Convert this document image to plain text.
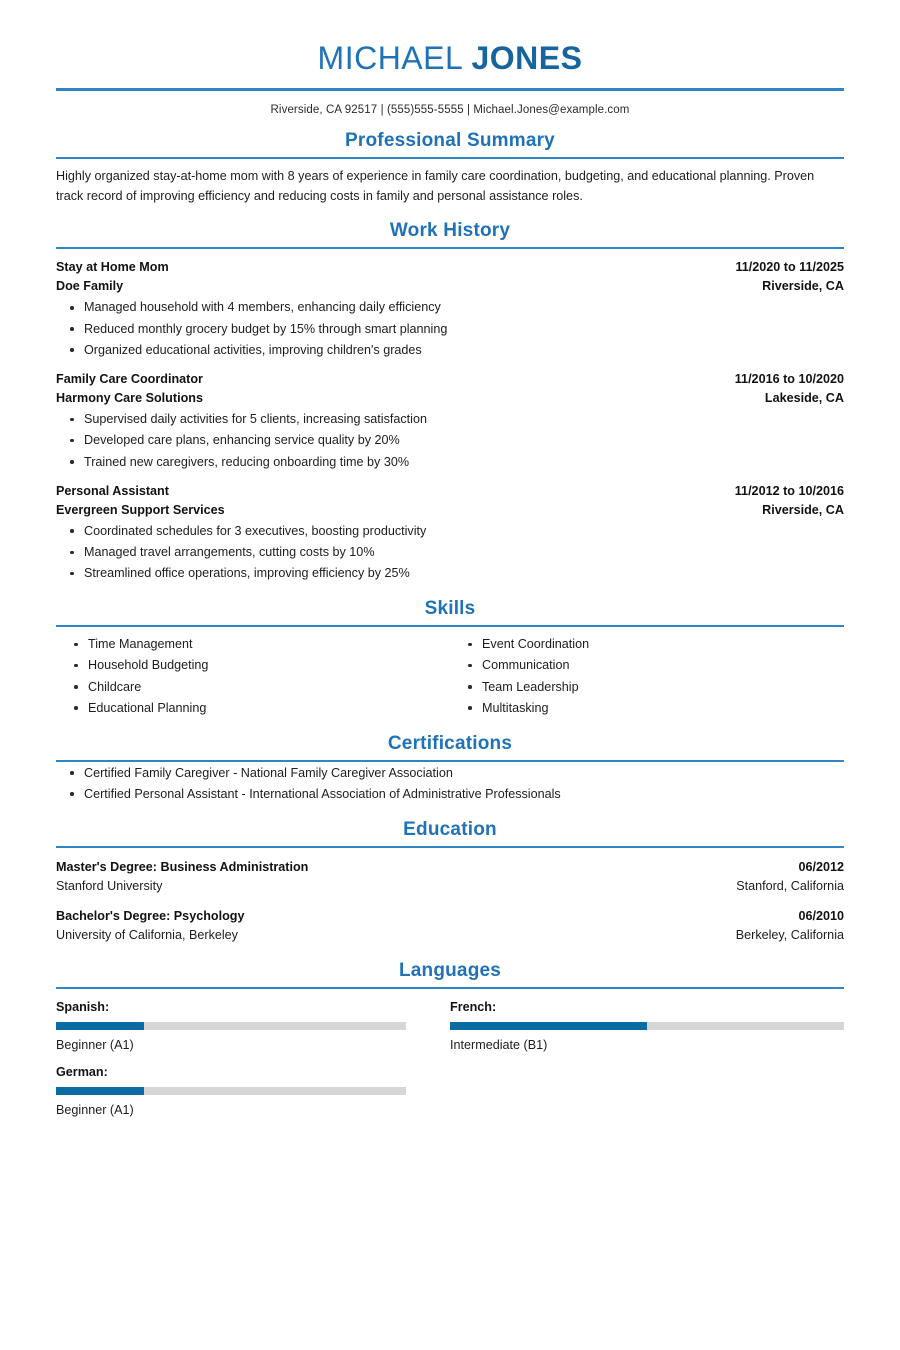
MICHAEL JONES
Riverside, CA 92517 | (555)555-5555 | Michael.Jones@example.com
Professional Summary
Highly organized stay-at-home mom with 8 years of experience in family care coordination, budgeting, and educational planning. Proven track record of improving efficiency and reducing costs in family and personal assistance roles.
Work History
Stay at Home Mom	11/2020 to 11/2025
Doe Family	Riverside, CA
Managed household with 4 members, enhancing daily efficiency
Reduced monthly grocery budget by 15% through smart planning
Organized educational activities, improving children's grades
Family Care Coordinator	11/2016 to 10/2020
Harmony Care Solutions	Lakeside, CA
Supervised daily activities for 5 clients, increasing satisfaction
Developed care plans, enhancing service quality by 20%
Trained new caregivers, reducing onboarding time by 30%
Personal Assistant	11/2012 to 10/2016
Evergreen Support Services	Riverside, CA
Coordinated schedules for 3 executives, boosting productivity
Managed travel arrangements, cutting costs by 10%
Streamlined office operations, improving efficiency by 25%
Skills
Time Management
Household Budgeting
Childcare
Educational Planning
Event Coordination
Communication
Team Leadership
Multitasking
Certifications
Certified Family Caregiver - National Family Caregiver Association
Certified Personal Assistant - International Association of Administrative Professionals
Education
Master's Degree: Business Administration	06/2012
Stanford University	Stanford, California
Bachelor's Degree: Psychology	06/2010
University of California, Berkeley	Berkeley, California
Languages
Spanish:
Beginner (A1)
French:
Intermediate (B1)
German:
Beginner (A1)
